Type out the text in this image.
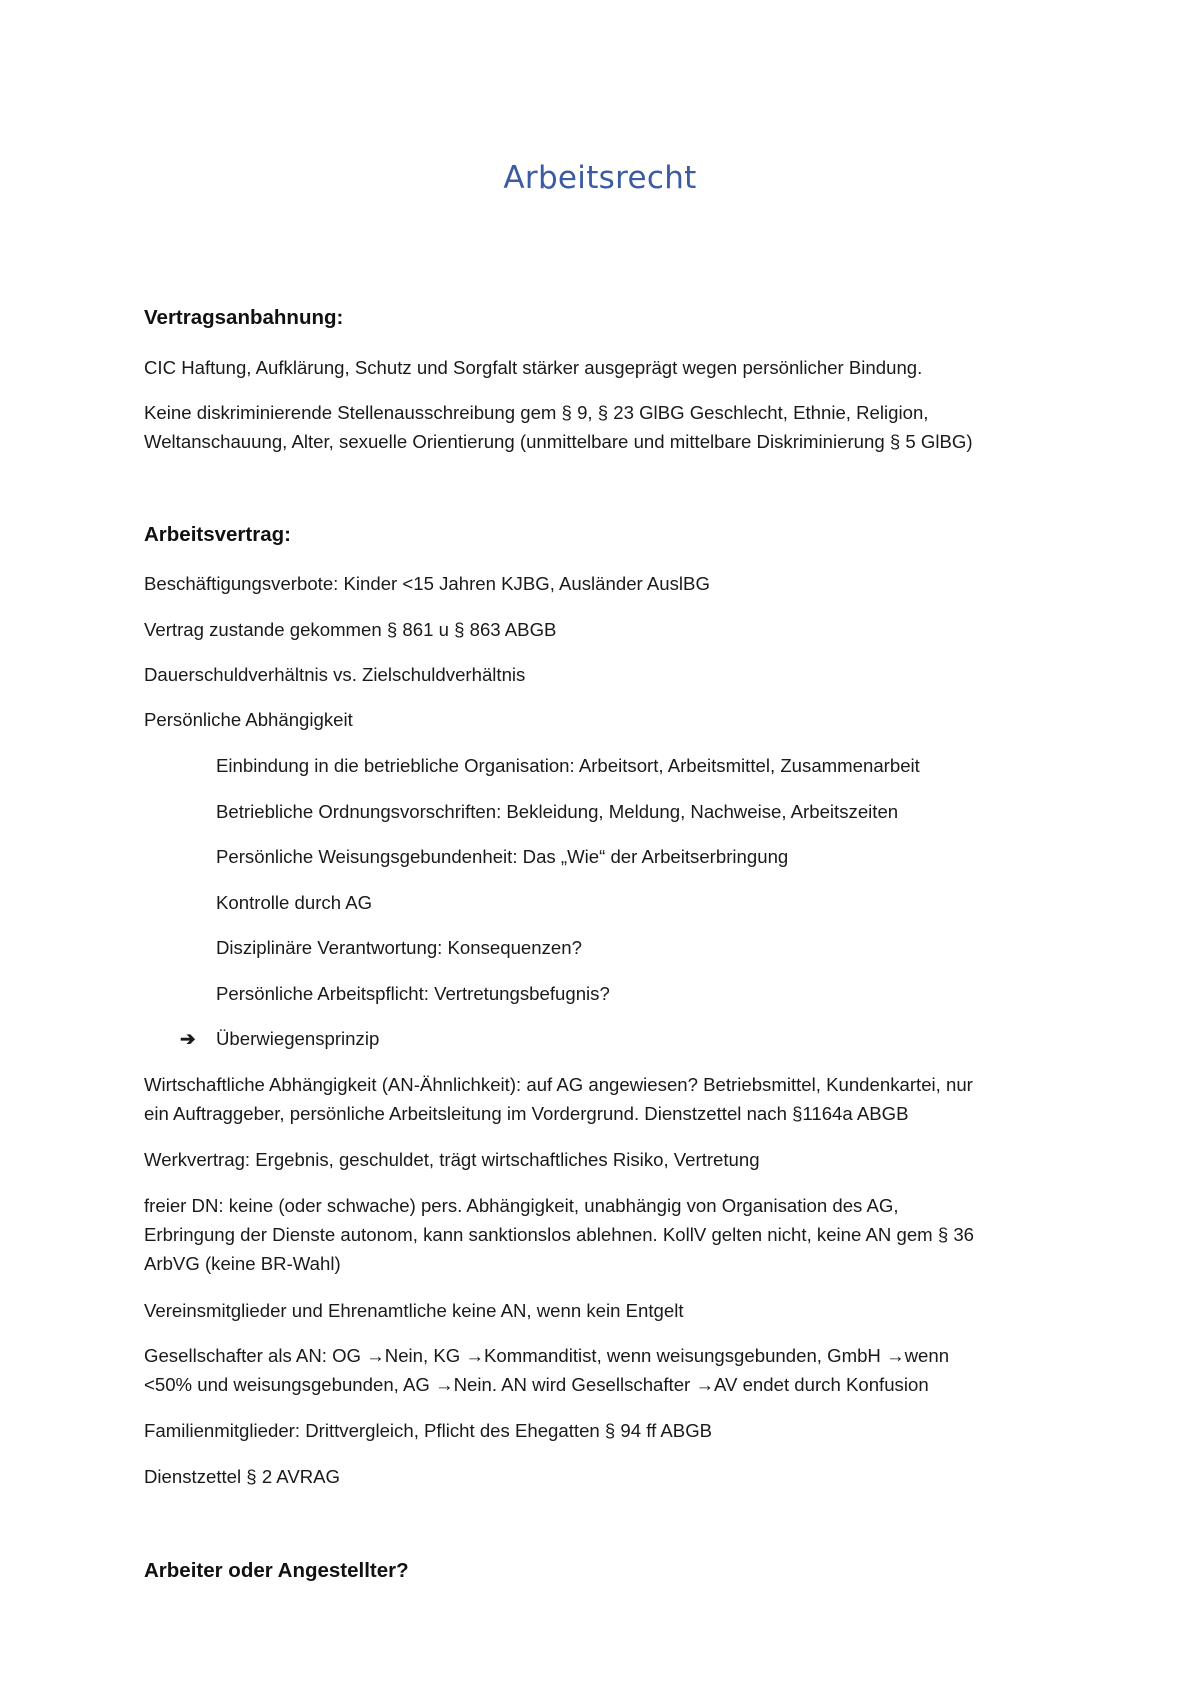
Arbeitsrecht
Vertragsanbahnung:

CIC Haftung, Aufklärung, Schutz und Sorgfalt stärker ausgeprägt wegen persönlicher Bindung.

Keine diskriminierende Stellenausschreibung gem § 9, § 23 GlBG Geschlecht, Ethnie, Religion,

Weltanschauung, Alter, sexuelle Orientierung (unmittelbare und mittelbare Diskriminierung § 5 GlBG)

Arbeitsvertrag:

Beschäftigungsverbote: Kinder <15 Jahren KJBG, Ausländer AuslBG

Vertrag zustande gekommen § 861 u § 863 ABGB

Dauerschuldverhältnis vs. Zielschuldverhältnis

Persönliche Abhängigkeit

Einbindung in die betriebliche Organisation: Arbeitsort, Arbeitsmittel, Zusammenarbeit

Betriebliche Ordnungsvorschriften: Bekleidung, Meldung, Nachweise, Arbeitszeiten

Persönliche Weisungsgebundenheit: Das „Wie“ der Arbeitserbringung

Kontrolle durch AG

Disziplinäre Verantwortung: Konsequenzen?

Persönliche Arbeitspflicht: Vertretungsbefugnis?

➔ Überwiegensprinzip

Wirtschaftliche Abhängigkeit (AN-Ähnlichkeit): auf AG angewiesen? Betriebsmittel, Kundenkartei, nur

ein Auftraggeber, persönliche Arbeitsleitung im Vordergrund. Dienstzettel nach §1164a ABGB

Werkvertrag: Ergebnis, geschuldet, trägt wirtschaftliches Risiko, Vertretung

freier DN: keine (oder schwache) pers. Abhängigkeit, unabhängig von Organisation des AG,

Erbringung der Dienste autonom, kann sanktionslos ablehnen. KollV gelten nicht, keine AN gem § 36

ArbVG (keine BR-Wahl)

Vereinsmitglieder und Ehrenamtliche keine AN, wenn kein Entgelt

Gesellschafter als AN: OG →Nein, KG →Kommanditist, wenn weisungsgebunden, GmbH →wenn

<50% und weisungsgebunden, AG →Nein. AN wird Gesellschafter →AV endet durch Konfusion

Familienmitglieder: Drittvergleich, Pflicht des Ehegatten § 94 ff ABGB

Dienstzettel § 2 AVRAG

Arbeiter oder Angestellter?
